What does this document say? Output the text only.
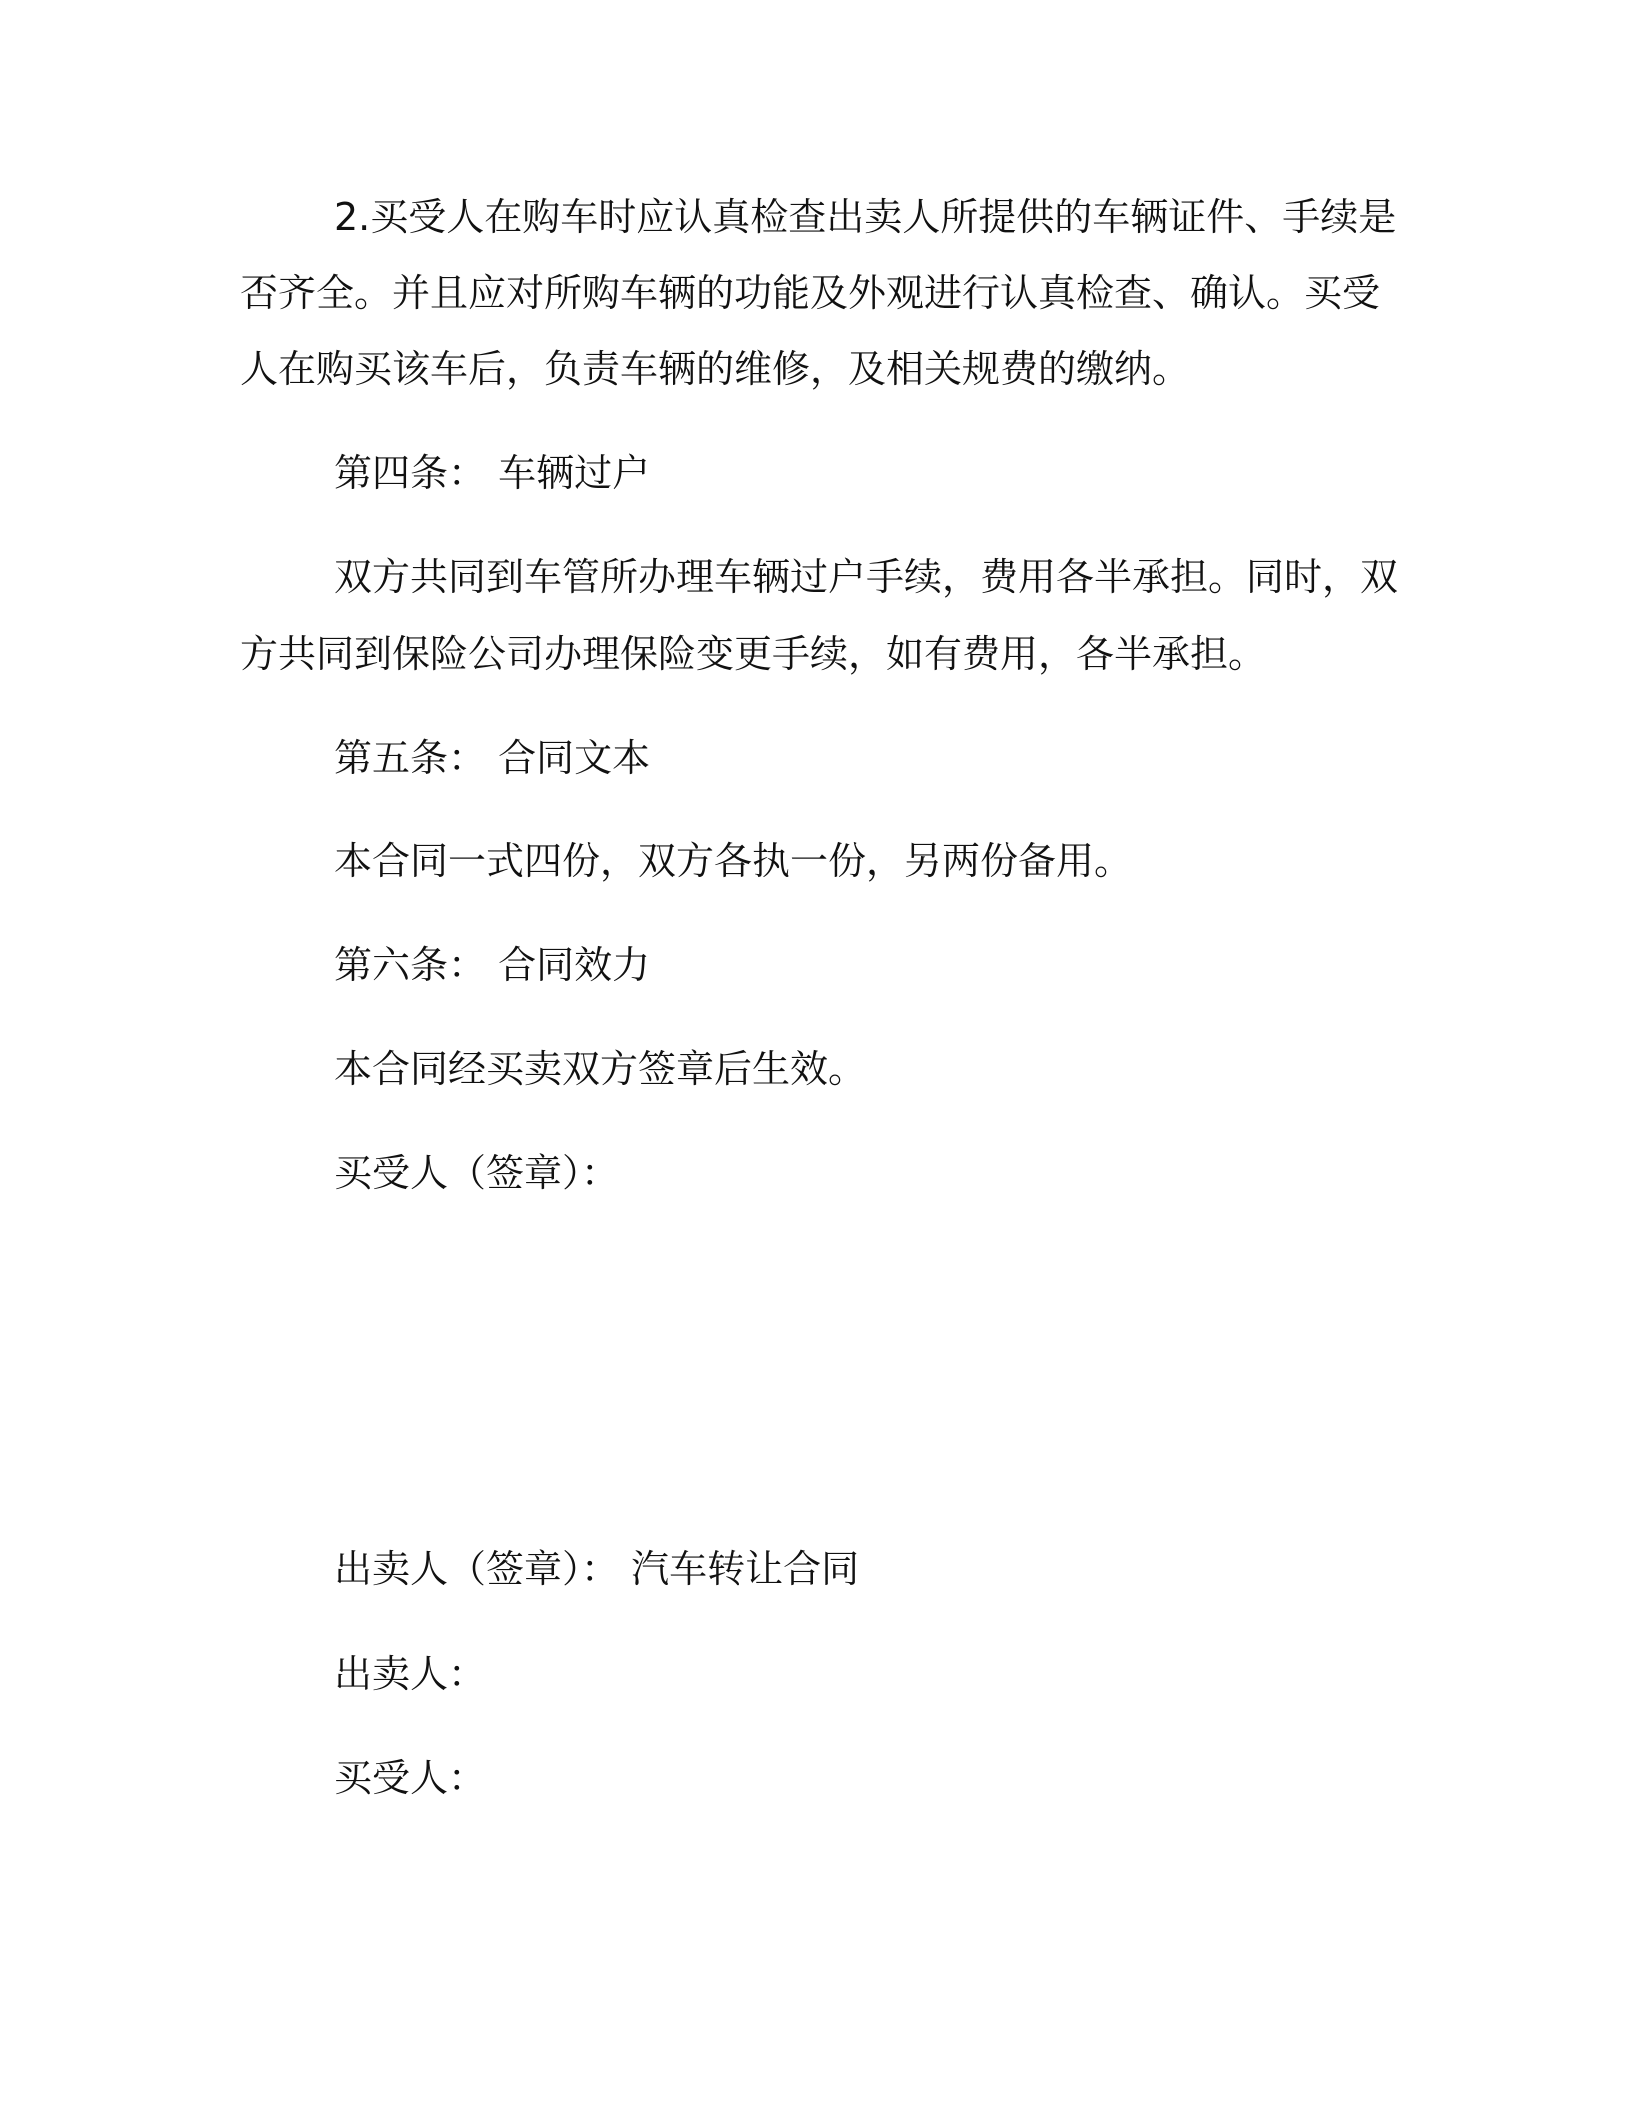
2.买受人在购车时应认真检查出卖人所提供的车辆证件、手续是
否齐全。并且应对所购车辆的功能及外观进行认真检查、确认。买受
人在购买该车后，负责车辆的维修，及相关规费的缴纳。
第四条： 车辆过户
双方共同到车管所办理车辆过户手续，费用各半承担。同时，双
方共同到保险公司办理保险变更手续，如有费用，各半承担。
第五条： 合同文本
本合同一式四份，双方各执一份，另两份备用。
第六条： 合同效力
本合同经买卖双方签章后生效。
买受人（签章）：
出卖人（签章）： 汽车转让合同
出卖人：
买受人：
